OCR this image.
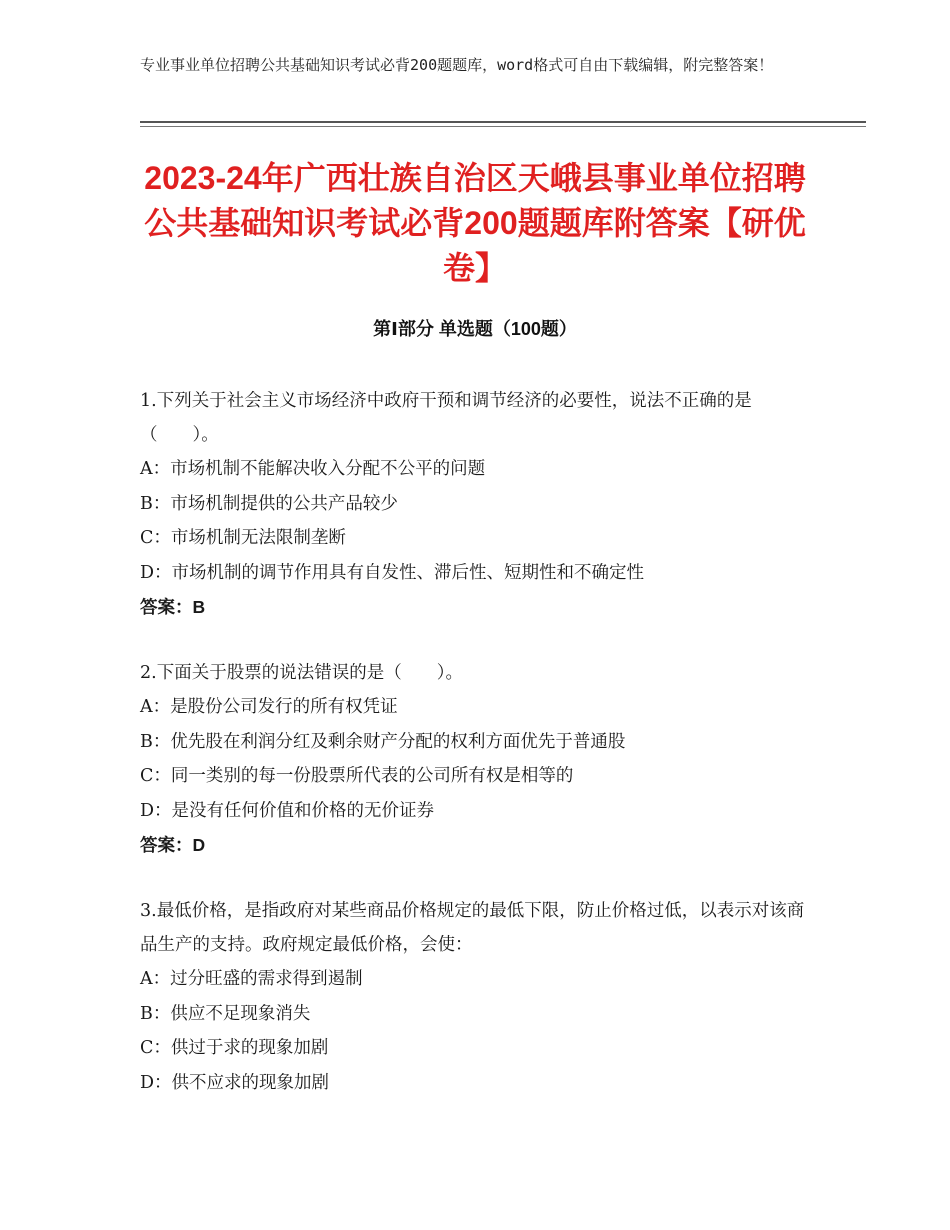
专业事业单位招聘公共基础知识考试必背200题题库，word格式可自由下载编辑，附完整答案！

2023-24年广西壮族自治区天峨县事业单位招聘公共基础知识考试必背200题题库附答案【研优卷】
第Ⅰ部分 单选题（100题）

1.下列关于社会主义市场经济中政府干预和调节经济的必要性，说法不正确的是（　　）。

A：市场机制不能解决收入分配不公平的问题

B：市场机制提供的公共产品较少

C：市场机制无法限制垄断

D：市场机制的调节作用具有自发性、滞后性、短期性和不确定性

答案：B

2.下面关于股票的说法错误的是（　　）。

A：是股份公司发行的所有权凭证

B：优先股在利润分红及剩余财产分配的权利方面优先于普通股

C：同一类别的每一份股票所代表的公司所有权是相等的

D：是没有任何价值和价格的无价证券

答案：D

3.最低价格，是指政府对某些商品价格规定的最低下限，防止价格过低，以表示对该商品生产的支持。政府规定最低价格，会使：

A：过分旺盛的需求得到遏制

B：供应不足现象消失

C：供过于求的现象加剧

D：供不应求的现象加剧
